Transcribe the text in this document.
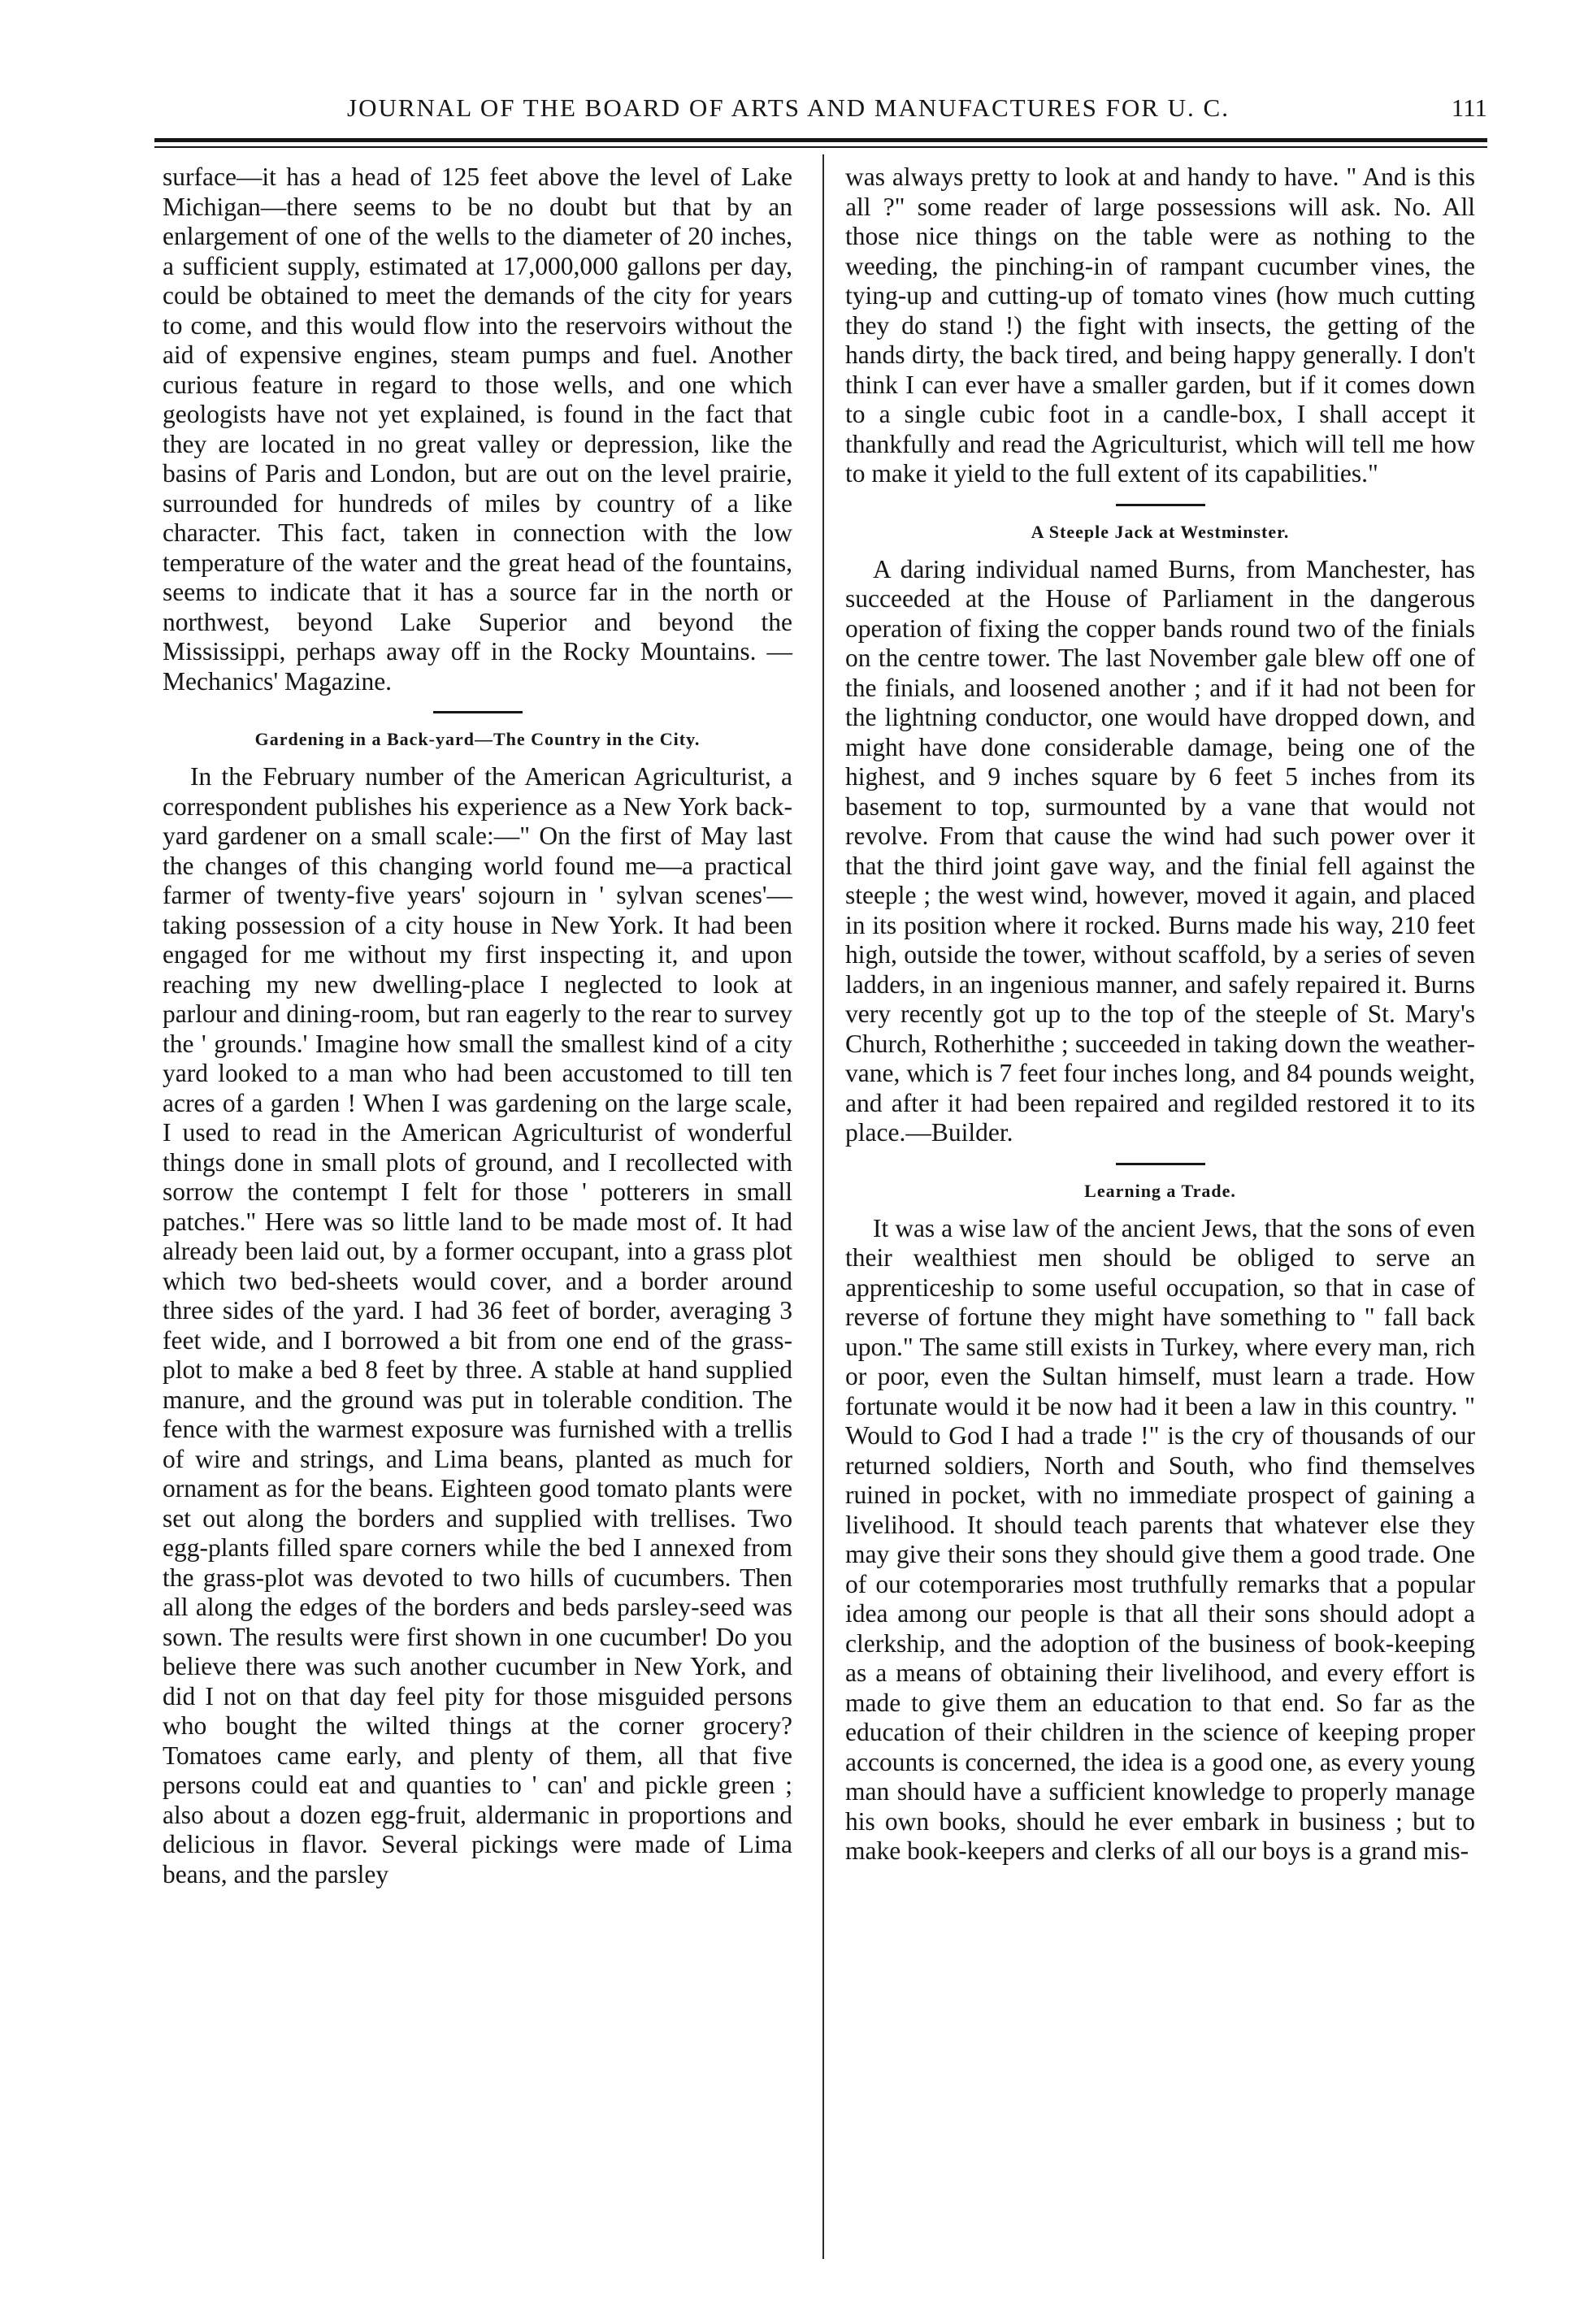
JOURNAL OF THE BOARD OF ARTS AND MANUFACTURES FOR U. C.	111

surface—it has a head of 125 feet above the level of Lake Michigan—there seems to be no doubt but that by an enlargement of one of the wells to the diameter of 20 inches, a sufficient supply, estimated at 17,000,000 gallons per day, could be obtained to meet the demands of the city for years to come, and this would flow into the reservoirs without the aid of expensive engines, steam pumps and fuel. Another curious feature in regard to those wells, and one which geologists have not yet explained, is found in the fact that they are located in no great valley or depression, like the basins of Paris and London, but are out on the level prairie, surrounded for hundreds of miles by country of a like character. This fact, taken in connection with the low temperature of the water and the great head of the fountains, seems to indicate that it has a source far in the north or northwest, beyond Lake Superior and beyond the Mississippi, perhaps away off in the Rocky Mountains. —Mechanics' Magazine.

Gardening in a Back-yard—The Country in the City.

In the February number of the American Agriculturist, a correspondent publishes his experience as a New York back-yard gardener on a small scale:—" On the first of May last the changes of this changing world found me—a practical farmer of twenty-five years' sojourn in ' sylvan scenes'—taking possession of a city house in New York. It had been engaged for me without my first inspecting it, and upon reaching my new dwelling-place I neglected to look at parlour and dining-room, but ran eagerly to the rear to survey the ' grounds.' Imagine how small the smallest kind of a city yard looked to a man who had been accustomed to till ten acres of a garden ! When I was gardening on the large scale, I used to read in the American Agriculturist of wonderful things done in small plots of ground, and I recollected with sorrow the contempt I felt for those ' potterers in small patches." Here was so little land to be made most of. It had already been laid out, by a former occupant, into a grass plot which two bed-sheets would cover, and a border around three sides of the yard. I had 36 feet of border, averaging 3 feet wide, and I borrowed a bit from one end of the grass-plot to make a bed 8 feet by three. A stable at hand supplied manure, and the ground was put in tolerable condition. The fence with the warmest exposure was furnished with a trellis of wire and strings, and Lima beans, planted as much for ornament as for the beans. Eighteen good tomato plants were set out along the borders and supplied with trellises. Two egg-plants filled spare corners while the bed I annexed from the grass-plot was devoted to two hills of cucumbers. Then all along the edges of the borders and beds parsley-seed was sown. The results were first shown in one cucumber! Do you believe there was such another cucumber in New York, and did I not on that day feel pity for those misguided persons who bought the wilted things at the corner grocery? Tomatoes came early, and plenty of them, all that five persons could eat and quanties to ' can' and pickle green ; also about a dozen egg-fruit, aldermanic in proportions and delicious in flavor. Several pickings were made of Lima beans, and the parsley

was always pretty to look at and handy to have. " And is this all ?" some reader of large possessions will ask. No. All those nice things on the table were as nothing to the weeding, the pinching-in of rampant cucumber vines, the tying-up and cutting-up of tomato vines (how much cutting they do stand !) the fight with insects, the getting of the hands dirty, the back tired, and being happy generally. I don't think I can ever have a smaller garden, but if it comes down to a single cubic foot in a candle-box, I shall accept it thankfully and read the Agriculturist, which will tell me how to make it yield to the full extent of its capabilities."

A Steeple Jack at Westminster.

A daring individual named Burns, from Manchester, has succeeded at the House of Parliament in the dangerous operation of fixing the copper bands round two of the finials on the centre tower. The last November gale blew off one of the finials, and loosened another ; and if it had not been for the lightning conductor, one would have dropped down, and might have done considerable damage, being one of the highest, and 9 inches square by 6 feet 5 inches from its basement to top, surmounted by a vane that would not revolve. From that cause the wind had such power over it that the third joint gave way, and the finial fell against the steeple ; the west wind, however, moved it again, and placed in its position where it rocked. Burns made his way, 210 feet high, outside the tower, without scaffold, by a series of seven ladders, in an ingenious manner, and safely repaired it. Burns very recently got up to the top of the steeple of St. Mary's Church, Rotherhithe ; succeeded in taking down the weather-vane, which is 7 feet four inches long, and 84 pounds weight, and after it had been repaired and regilded restored it to its place.—Builder.

Learning a Trade.

It was a wise law of the ancient Jews, that the sons of even their wealthiest men should be obliged to serve an apprenticeship to some useful occupation, so that in case of reverse of fortune they might have something to " fall back upon." The same still exists in Turkey, where every man, rich or poor, even the Sultan himself, must learn a trade. How fortunate would it be now had it been a law in this country. " Would to God I had a trade !" is the cry of thousands of our returned soldiers, North and South, who find themselves ruined in pocket, with no immediate prospect of gaining a livelihood. It should teach parents that whatever else they may give their sons they should give them a good trade. One of our cotemporaries most truthfully remarks that a popular idea among our people is that all their sons should adopt a clerkship, and the adoption of the business of book-keeping as a means of obtaining their livelihood, and every effort is made to give them an education to that end. So far as the education of their children in the science of keeping proper accounts is concerned, the idea is a good one, as every young man should have a sufficient knowledge to properly manage his own books, should he ever embark in business ; but to make book-keepers and clerks of all our boys is a grand mis-
